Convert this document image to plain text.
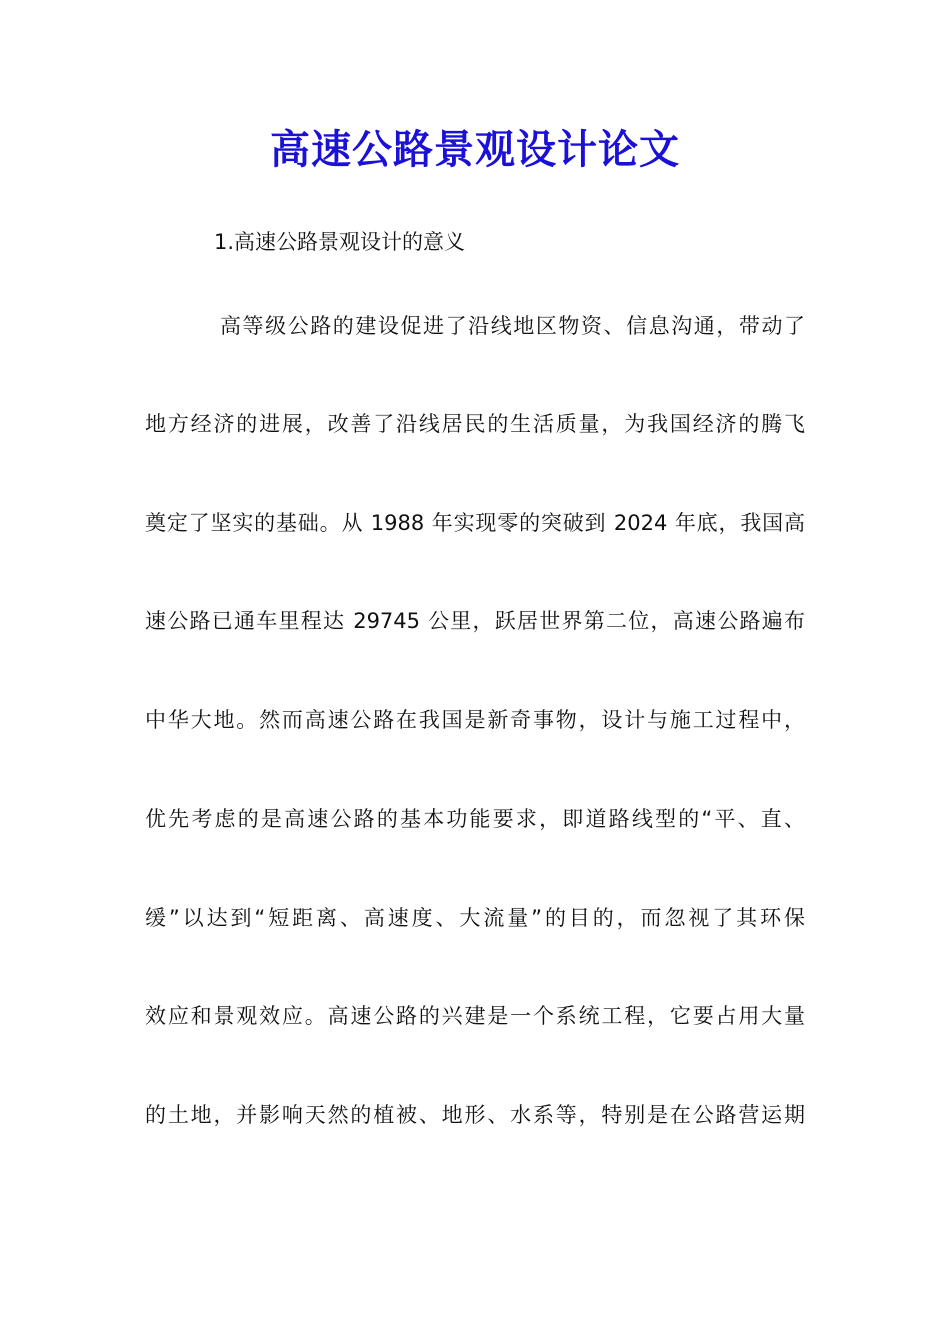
高速公路景观设计论文
1.高速公路景观设计的意义
高等级公路的建设促进了沿线地区物资、信息沟通，带动了
地方经济的进展，改善了沿线居民的生活质量，为我国经济的腾飞
奠定了坚实的基础。从 1988 年实现零的突破到 2024 年底，我国高
速公路已通车里程达 29745 公里，跃居世界第二位，高速公路遍布
中华大地。然而高速公路在我国是新奇事物，设计与施工过程中，
优先考虑的是高速公路的基本功能要求，即道路线型的“平、直、
缓”以达到“短距离、高速度、大流量”的目的，而忽视了其环保
效应和景观效应。高速公路的兴建是一个系统工程，它要占用大量
的土地，并影响天然的植被、地形、水系等，特别是在公路营运期
